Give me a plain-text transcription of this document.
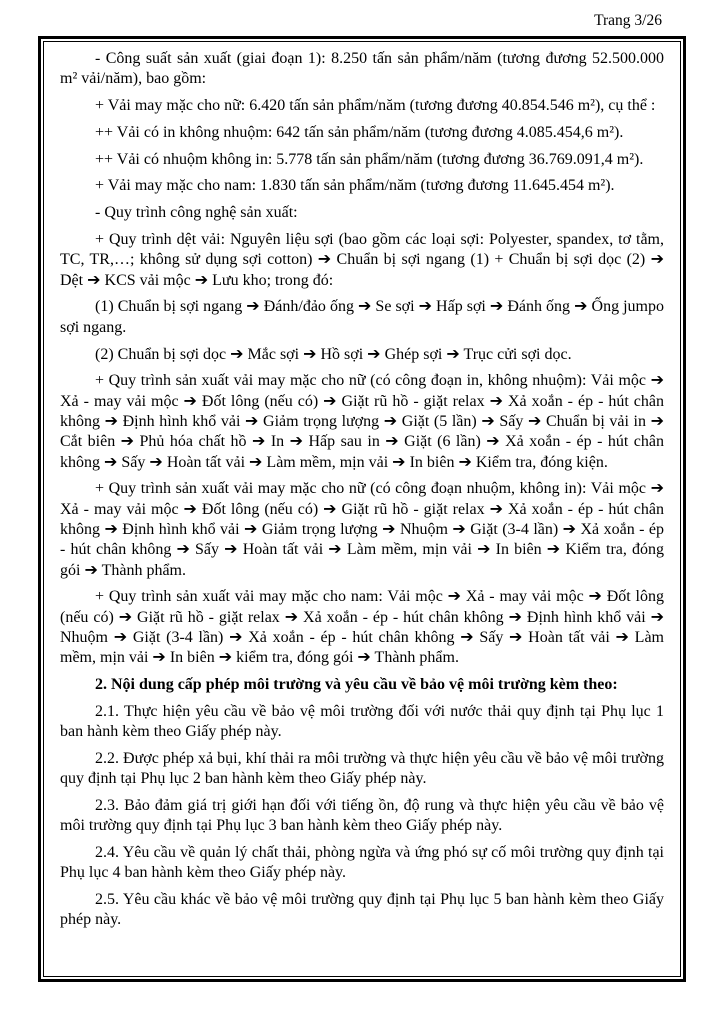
Trang 3/26

- Công suất sản xuất (giai đoạn 1): 8.250 tấn sản phẩm/năm (tương đương 52.500.000 m² vải/năm), bao gồm:

+ Vải may mặc cho nữ: 6.420 tấn sản phẩm/năm (tương đương 40.854.546 m²), cụ thể :

++ Vải có in không nhuộm: 642 tấn sản phẩm/năm (tương đương 4.085.454,6 m²).

++ Vải có nhuộm không in: 5.778 tấn sản phẩm/năm (tương đương 36.769.091,4 m²).

+ Vải may mặc cho nam: 1.830 tấn sản phẩm/năm (tương đương 11.645.454 m²).

- Quy trình công nghệ sản xuất:

+ Quy trình dệt vải: Nguyên liệu sợi (bao gồm các loại sợi: Polyester, spandex, tơ tằm, TC, TR,…; không sử dụng sợi cotton) ➔ Chuẩn bị sợi ngang (1) + Chuẩn bị sợi dọc (2) ➔ Dệt ➔ KCS vải mộc ➔ Lưu kho; trong đó:

(1) Chuẩn bị sợi ngang ➔ Đánh/đảo ống ➔ Se sợi ➔ Hấp sợi ➔ Đánh ống ➔ Ống jumpo sợi ngang.

(2) Chuẩn bị sợi dọc ➔ Mắc sợi ➔ Hồ sợi ➔ Ghép sợi ➔ Trục cửi sợi dọc.

+ Quy trình sản xuất vải may mặc cho nữ (có công đoạn in, không nhuộm): Vải mộc ➔ Xả - may vải mộc ➔ Đốt lông (nếu có) ➔ Giặt rũ hồ - giặt relax ➔ Xả xoắn - ép - hút chân không ➔ Định hình khổ vải ➔ Giảm trọng lượng ➔ Giặt (5 lần) ➔ Sấy ➔ Chuẩn bị vải in ➔ Cắt biên ➔ Phủ hóa chất hồ ➔ In ➔ Hấp sau in ➔ Giặt (6 lần) ➔ Xả xoắn - ép - hút chân không ➔ Sấy ➔ Hoàn tất vải ➔ Làm mềm, mịn vải ➔ In biên ➔ Kiểm tra, đóng kiện.

+ Quy trình sản xuất vải may mặc cho nữ (có công đoạn nhuộm, không in): Vải mộc ➔ Xả - may vải mộc ➔ Đốt lông (nếu có) ➔ Giặt rũ hồ - giặt relax ➔ Xả xoắn - ép - hút chân không ➔ Định hình khổ vải ➔ Giảm trọng lượng ➔ Nhuộm ➔ Giặt (3-4 lần) ➔ Xả xoắn - ép - hút chân không ➔ Sấy ➔ Hoàn tất vải ➔ Làm mềm, mịn vải ➔ In biên ➔ Kiểm tra, đóng gói ➔ Thành phẩm.

+ Quy trình sản xuất vải may mặc cho nam: Vải mộc ➔ Xả - may vải mộc ➔ Đốt lông (nếu có) ➔ Giặt rũ hồ - giặt relax ➔ Xả xoắn - ép - hút chân không ➔ Định hình khổ vải ➔ Nhuộm ➔ Giặt (3-4 lần) ➔ Xả xoắn - ép - hút chân không ➔ Sấy ➔ Hoàn tất vải ➔ Làm mềm, mịn vải ➔ In biên ➔ kiểm tra, đóng gói ➔ Thành phẩm.

2. Nội dung cấp phép môi trường và yêu cầu về bảo vệ môi trường kèm theo:

2.1. Thực hiện yêu cầu về bảo vệ môi trường đối với nước thải quy định tại Phụ lục 1 ban hành kèm theo Giấy phép này.

2.2. Được phép xả bụi, khí thải ra môi trường và thực hiện yêu cầu về bảo vệ môi trường quy định tại Phụ lục 2 ban hành kèm theo Giấy phép này.

2.3. Bảo đảm giá trị giới hạn đối với tiếng ồn, độ rung và thực hiện yêu cầu về bảo vệ môi trường quy định tại Phụ lục 3 ban hành kèm theo Giấy phép này.

2.4. Yêu cầu về quản lý chất thải, phòng ngừa và ứng phó sự cố môi trường quy định tại Phụ lục 4 ban hành kèm theo Giấy phép này.

2.5. Yêu cầu khác về bảo vệ môi trường quy định tại Phụ lục 5 ban hành kèm theo Giấy phép này.
